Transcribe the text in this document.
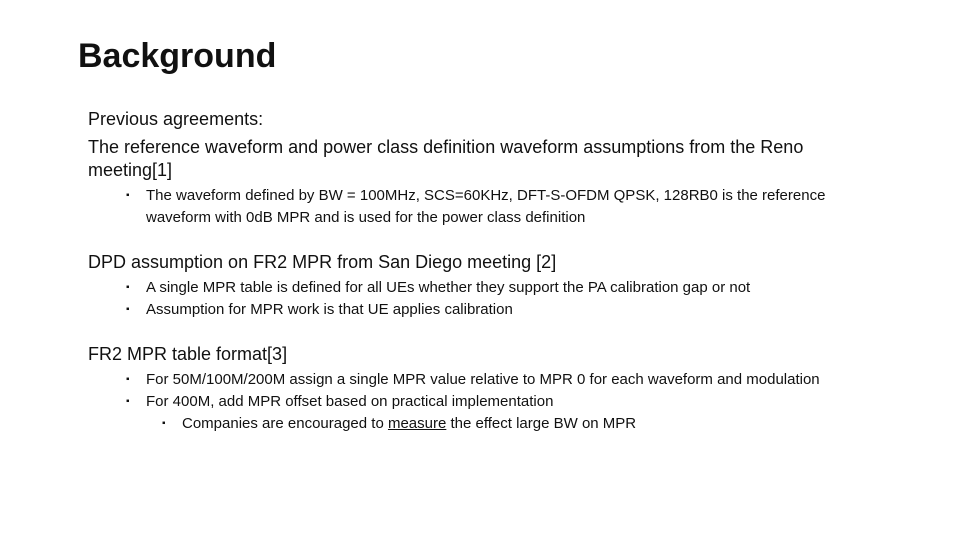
Background

Previous agreements:

The reference waveform and power class definition waveform assumptions from the Reno meeting[1]

▪ The waveform defined by BW = 100MHz, SCS=60KHz, DFT-S-OFDM QPSK, 128RB0 is the reference waveform with 0dB MPR and is used for the power class definition

DPD assumption on FR2 MPR from San Diego meeting [2]

▪ A single MPR table is defined for all UEs whether they support the PA calibration gap or not
▪ Assumption for MPR work is that UE applies calibration

FR2 MPR table format[3]

▪ For 50M/100M/200M assign a single MPR value relative to MPR 0 for each waveform and modulation
▪ For 400M, add MPR offset based on practical implementation
▪ Companies are encouraged to measure the effect large BW on MPR
